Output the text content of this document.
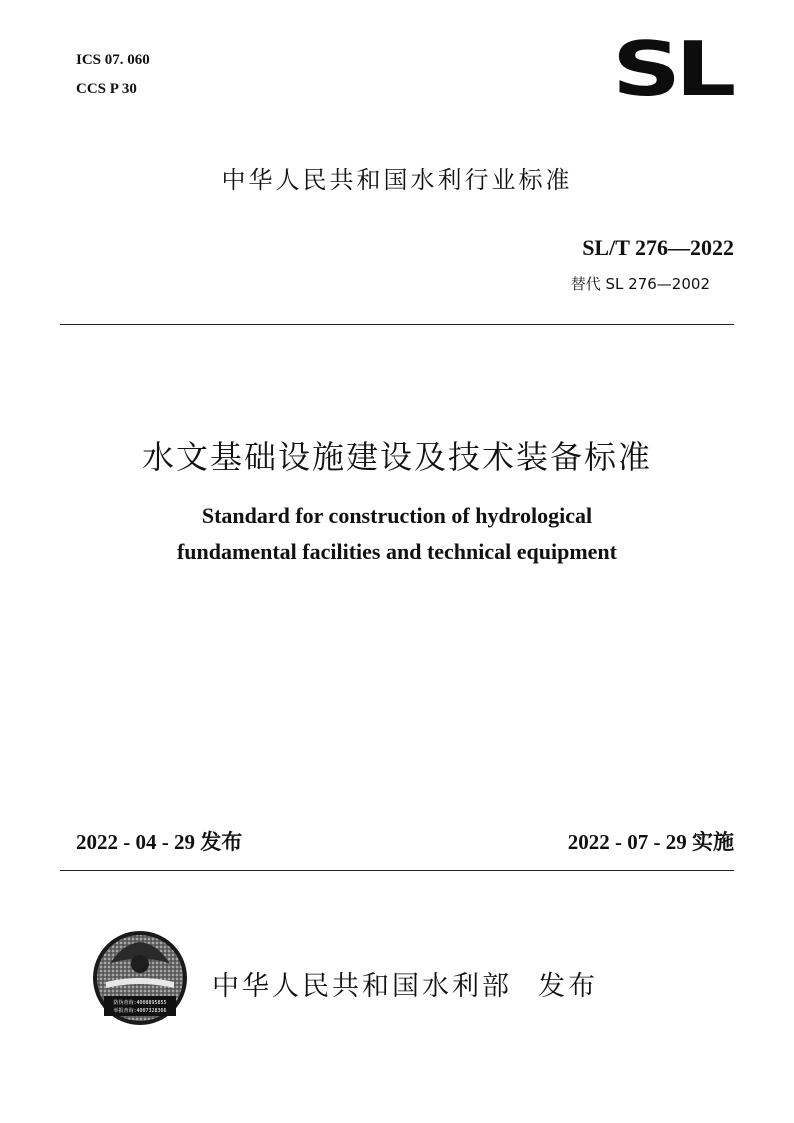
ICS 07. 060
CCS P 30	SL
中华人民共和国水利行业标准
SL/T 276—2022
替代 SL 276—2002
水文基础设施建设及技术装备标准
Standard for construction of hydrological
fundamental facilities and technical equipment
2022 - 04 - 29 发布	2022 - 07 - 29 实施
防伪查询:4008895855
举报查询:4007328366
中华人民共和国水利部 发布
